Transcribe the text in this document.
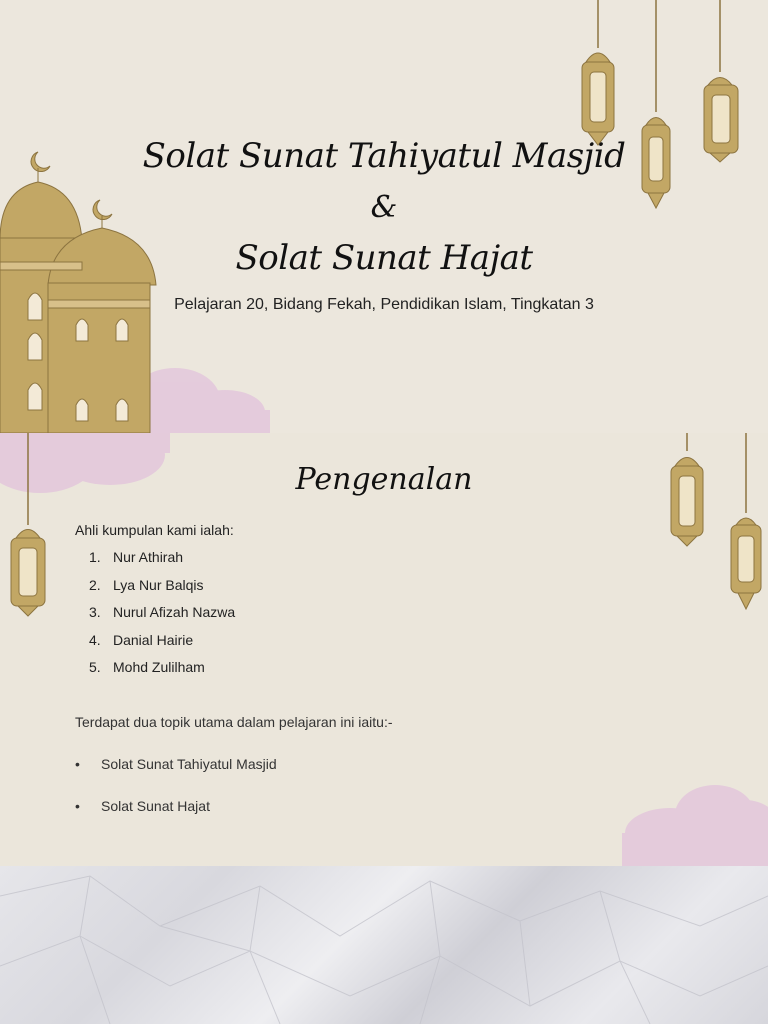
Solat Sunat Tahiyatul Masjid
&
Solat Sunat Hajat
Pelajaran 20, Bidang Fekah, Pendidikan Islam, Tingkatan 3
Pengenalan
Ahli kumpulan kami ialah:
1. Nur Athirah
2. Lya Nur Balqis
3. Nurul Afizah Nazwa
4. Danial Hairie
5. Mohd Zulilham
Terdapat dua topik utama dalam pelajaran ini iaitu:-
•	Solat Sunat Tahiyatul Masjid
•	Solat Sunat Hajat
